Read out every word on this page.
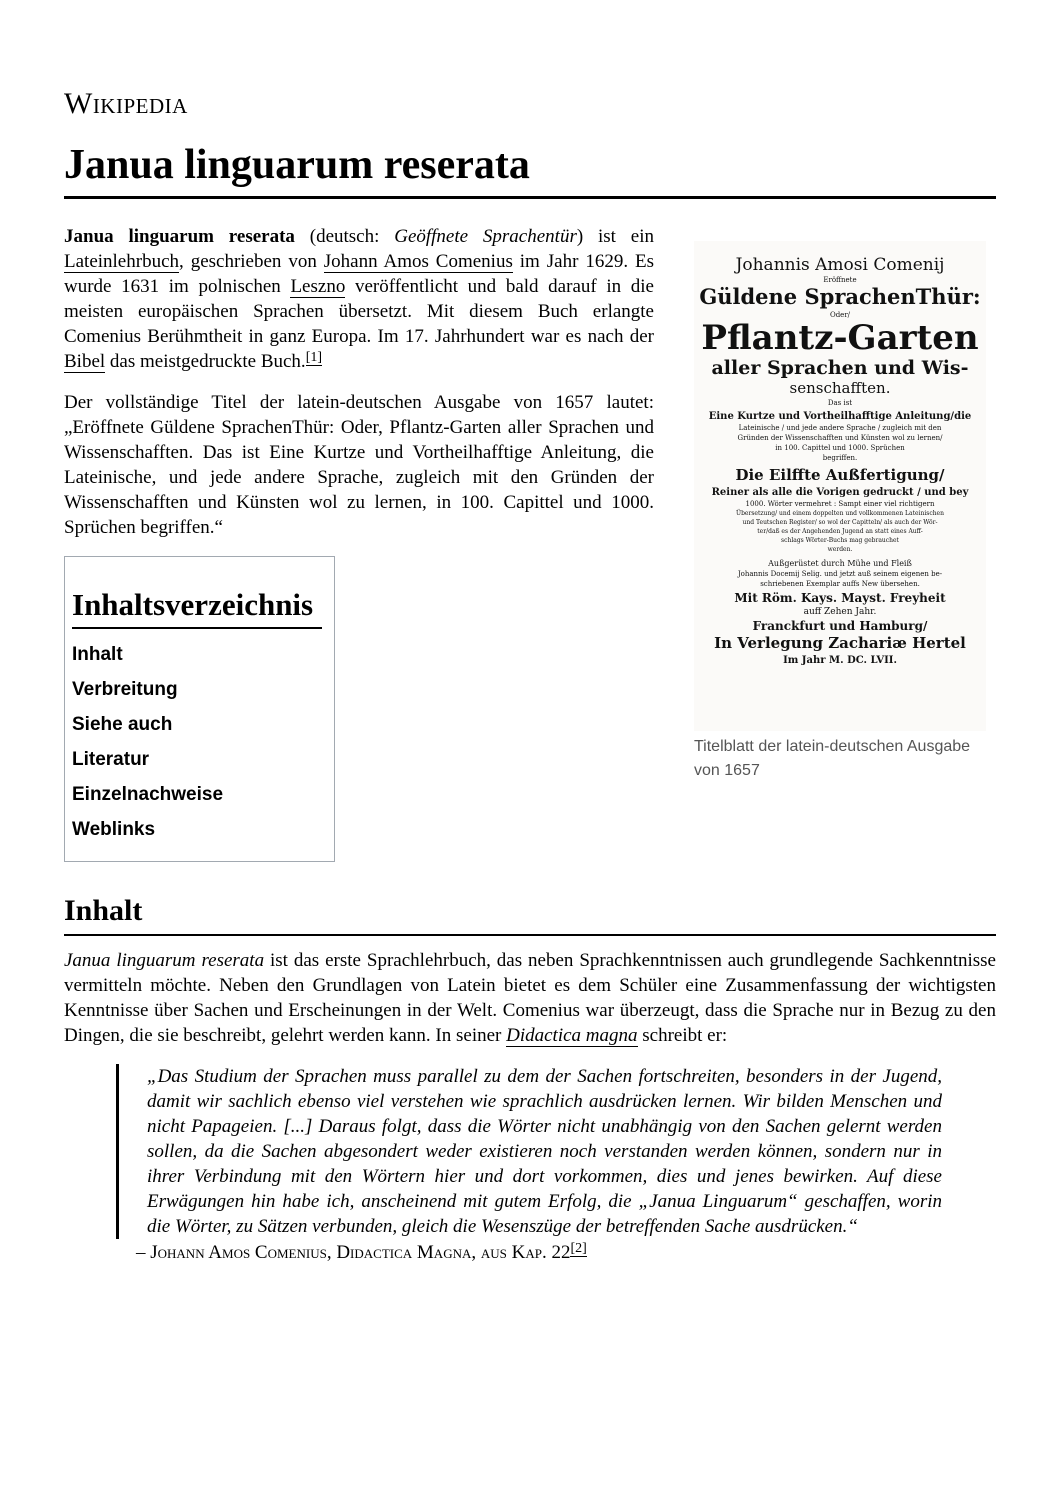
Wikipedia
Janua linguarum reserata

Janua linguarum reserata (deutsch: Geöffnete Sprachentür) ist ein Lateinlehrbuch, geschrieben von Johann Amos Comenius im Jahr 1629. Es wurde 1631 im polnischen Leszno veröffentlicht und bald darauf in die meisten europäischen Sprachen übersetzt. Mit diesem Buch erlangte Comenius Berühmtheit in ganz Europa. Im 17. Jahrhundert war es nach der Bibel das meistgedruckte Buch.[1]

Der vollständige Titel der latein-deutschen Ausgabe von 1657 lautet: „Eröffnete Güldene SprachenThür: Oder, Pflantz-Garten aller Sprachen und Wissenschafften. Das ist Eine Kurtze und Vortheilhafftige Anleitung, die Lateinische, und jede andere Sprache, zugleich mit den Gründen der Wissenschafften und Künsten wol zu lernen, in 100. Capittel und 1000. Sprüchen begriffen.“

Inhaltsverzeichnis
Inhalt
Verbreitung
Siehe auch
Literatur
Einzelnachweise
Weblinks
Johannis Amosi Comenij
Eröffnete
Güldene SprachenThür:
Oder/
Pflantz-Garten
aller Sprachen und Wis-
senschafften.
Das ist
Eine Kurtze und Vortheilhafftige Anleitung/die
Lateinische / und jede andere Sprache / zugleich mit den
Gründen der Wissenschafften und Künsten wol zu lernen/
in 100. Capittel und 1000. Sprüchen
begriffen.
Die Eilffte Außfertigung/
Reiner als alle die Vorigen gedruckt / und bey
1000. Wörter vermehret : Sampt einer viel richtigern
Übersetzung/ und einem doppelten und vollkommenen Lateinischen
und Teutschen Register/ so wol der Capitteln/ als auch der Wör-
ter/daß es der Angehenden Jugend an statt eines Auff-
schlags Wörter-Buchs mag gebrauchet
werden.
Außgerüstet durch Mühe und Fleiß
Johannis Docemij Selig. und jetzt auß seinem eigenen be-
schriebenen Exemplar auffs New übersehen.
Mit Röm. Kays. Mayst. Freyheit
auff Zehen Jahr.
Franckfurt und Hamburg/
In Verlegung Zachariæ Hertel
Im Jahr M. DC. LVII.
Titelblatt der latein-deutschen Ausgabe von 1657
Inhalt

Janua linguarum reserata ist das erste Sprachlehrbuch, das neben Sprachkenntnissen auch grundlegende Sachkenntnisse vermitteln möchte. Neben den Grundlagen von Latein bietet es dem Schüler eine Zusammenfassung der wichtigsten Kenntnisse über Sachen und Erscheinungen in der Welt. Comenius war überzeugt, dass die Sprache nur in Bezug zu den Dingen, die sie beschreibt, gelehrt werden kann. In seiner Didactica magna schreibt er:

„Das Studium der Sprachen muss parallel zu dem der Sachen fortschreiten, besonders in der Jugend, damit wir sachlich ebenso viel verstehen wie sprachlich ausdrücken lernen. Wir bilden Menschen und nicht Papageien. [...] Daraus folgt, dass die Wörter nicht unabhängig von den Sachen gelernt werden sollen, da die Sachen abgesondert weder existieren noch verstanden werden können, sondern nur in ihrer Verbindung mit den Wörtern hier und dort vorkommen, dies und jenes bewirken. Auf diese Erwägungen hin habe ich, anscheinend mit gutem Erfolg, die „Janua Linguarum“ geschaffen, worin die Wörter, zu Sätzen verbunden, gleich die Wesenszüge der betreffenden Sache ausdrücken.“
– Johann Amos Comenius, Didactica Magna, aus Kap. 22[2]
